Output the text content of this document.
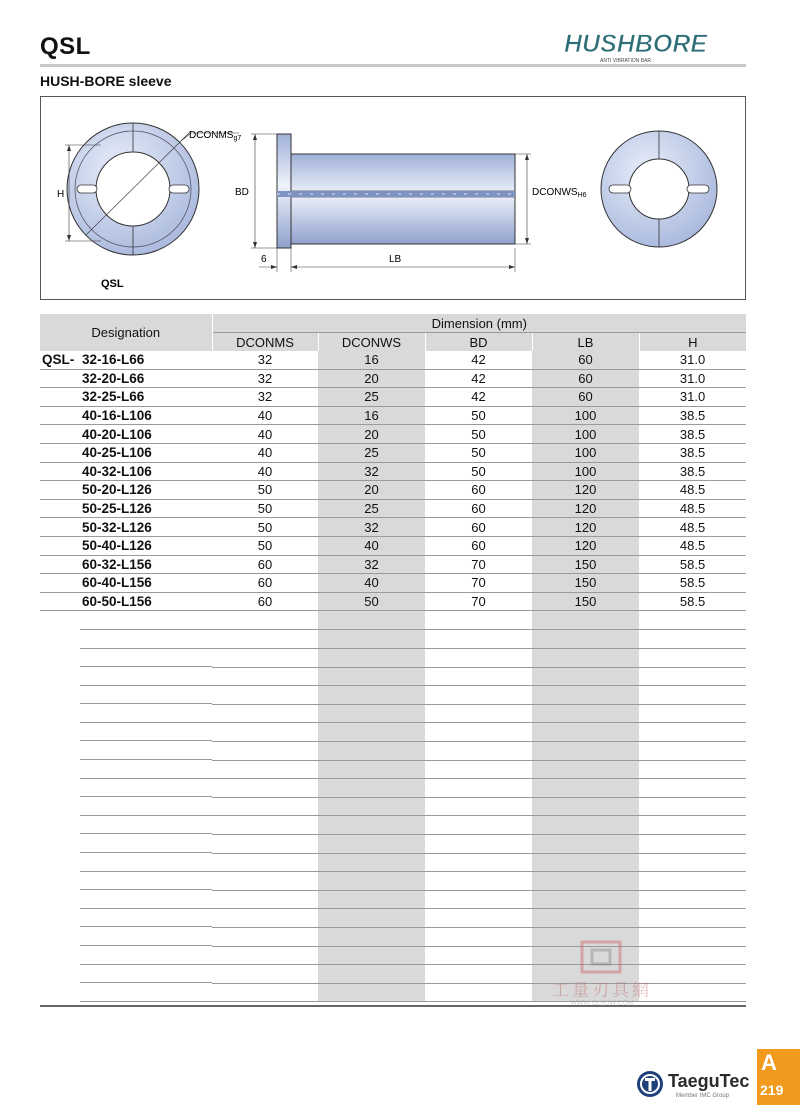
QSL	HUSHBORE
ANTI VIBRATION BAR
HUSH-BORE sleeve
H
$DCONMS_{g7}$
QSL
BD	$DCONWS_{H6}$
6	LB
Designation	Dimension (mm)				
	DCONMS	DCONWS	BD	LB	H
QSL- 32-16-L66	32	16	42	60	31.0
32-20-L66	32	20	42	60	31.0
32-25-L66	32	25	42	60	31.0
40-16-L106	40	16	50	100	38.5
40-20-L106	40	20	50	100	38.5
40-25-L106	40	25	50	100	38.5
40-32-L106	40	32	50	100	38.5
50-20-L126	50	20	60	120	48.5
50-25-L126	50	25	60	120	48.5
50-32-L126	50	32	60	120	48.5
50-40-L126	50	40	60	120	48.5
60-32-L156	60	32	70	150	58.5
60-40-L156	60	40	70	150	58.5
60-50-L156	60	50	70	150	58.5

工量刃具網
WWW.GLRJW.COM
TaeguTec
Member IMC Group
A
219
